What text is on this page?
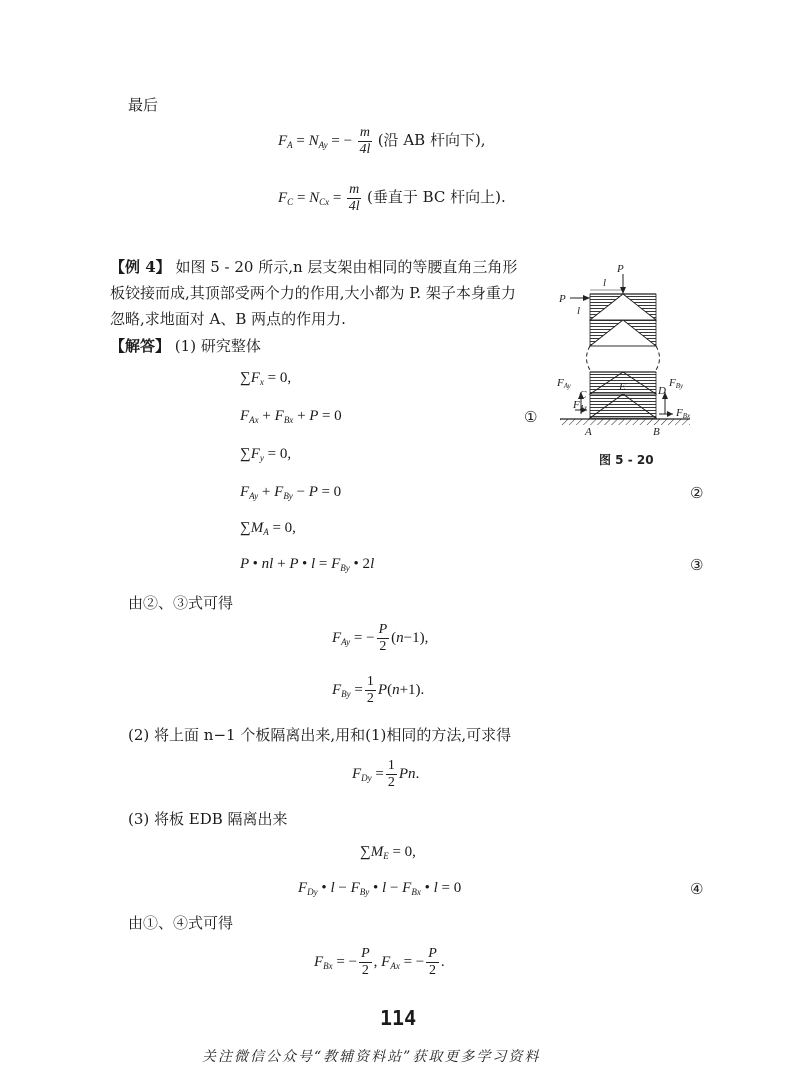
最后
$F_A = N_{Ay}$ = − $\frac{m}{4l}$ (沿 AB 杆向下),
$F_C = N_{Cx} = \frac{m}{4l}$ (垂直于 BC 杆向上).
【例 4】 如图 5 - 20 所示,n 层支架由相同的等腰直角三角形
板铰接而成,其顶部受两个力的作用,大小都为 P. 架子本身重力
忽略,求地面对 A、B 两点的作用力.
【解答】 (1) 研究整体
$\sum F_x = 0$,
$F_{Ax} + F_{Bx} + P = 0$	①
$\sum F_y = 0$,
$F_{Ay} + F_{By} - P = 0$	②
$\sum M_A = 0$,
P • nl + P • $l = F_{By}$ • 2l	③
由②、③式可得
$F_{Ay}$ = − $\frac{P}{2} (n-1)$,
$F_{By} = \frac{1}{2} P(n+1)$.
(2) 将上面 n−1 个板隔离出来,用和(1)相同的方法,可求得
$F_{Dy} = \frac{1}{2} Pn$.
(3) 将板 EDB 隔离出来
$\sum M_E = 0$,
$F_{Dy}$ • $l - F_{By}$ • $l - F_{Bx}$ • l = 0	④
由①、④式可得
$F_{Bx}$ = − $\frac{P}{2}$ , $F_{Ax}$ = − $\frac{P}{2}$ .
114
关注微信公众号“教辅资料站”获取更多学习资料
P
l
P
l
FAy	FBy
FAx	FBx
C
E	D
A	B
图 5 - 20
